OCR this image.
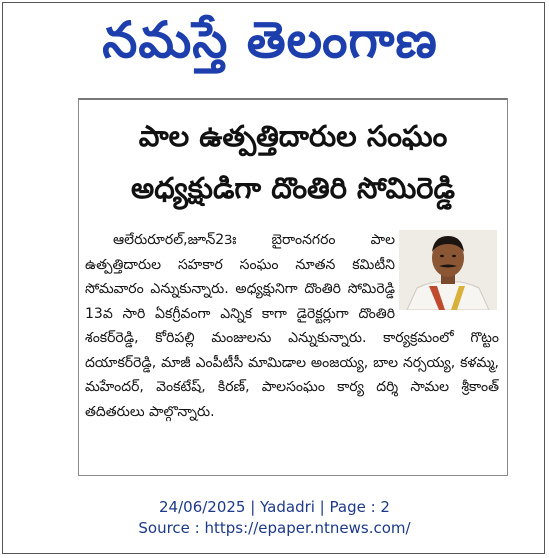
నమస్తే తెలంగాణ
పాల ఉత్పత్తిదారుల సంఘం
అధ్యక్షుడిగా దొంతిరి సోమిరెడ్డి

ఆలేరురూరల్‌,జూన్‌23ః బైరాంనగరం పాల ఉత్పత్తిదారుల సహకార సంఘం నూతన కమిటీని సోమవారం ఎన్నుకున్నారు. అధ్యక్షునిగా దొంతిరి సోమిరెడ్డి 13వ సారి ఏకగ్రీవంగా ఎన్నిక కాగా డైరెక్టర్లుగా దొంతిరి శంకర్‌రెడ్డి, కోరిపల్లి మంజులను ఎన్నుకున్నారు. కార్యక్రమంలో గొట్టం దయాకర్‌రెడ్డి, మాజీ ఎంపీటీసీ మామిడాల అంజయ్య, బాల నర్సయ్య, కళమ్మ, మహేందర్‌, వెంకటేష్‌, కిరణ్‌, పాలసంఘం కార్య దర్శి సామల శ్రీకాంత్‌ తదితరులు పాల్గొన్నారు.

24/06/2025 | Yadadri | Page : 2
Source : https://epaper.ntnews.com/
